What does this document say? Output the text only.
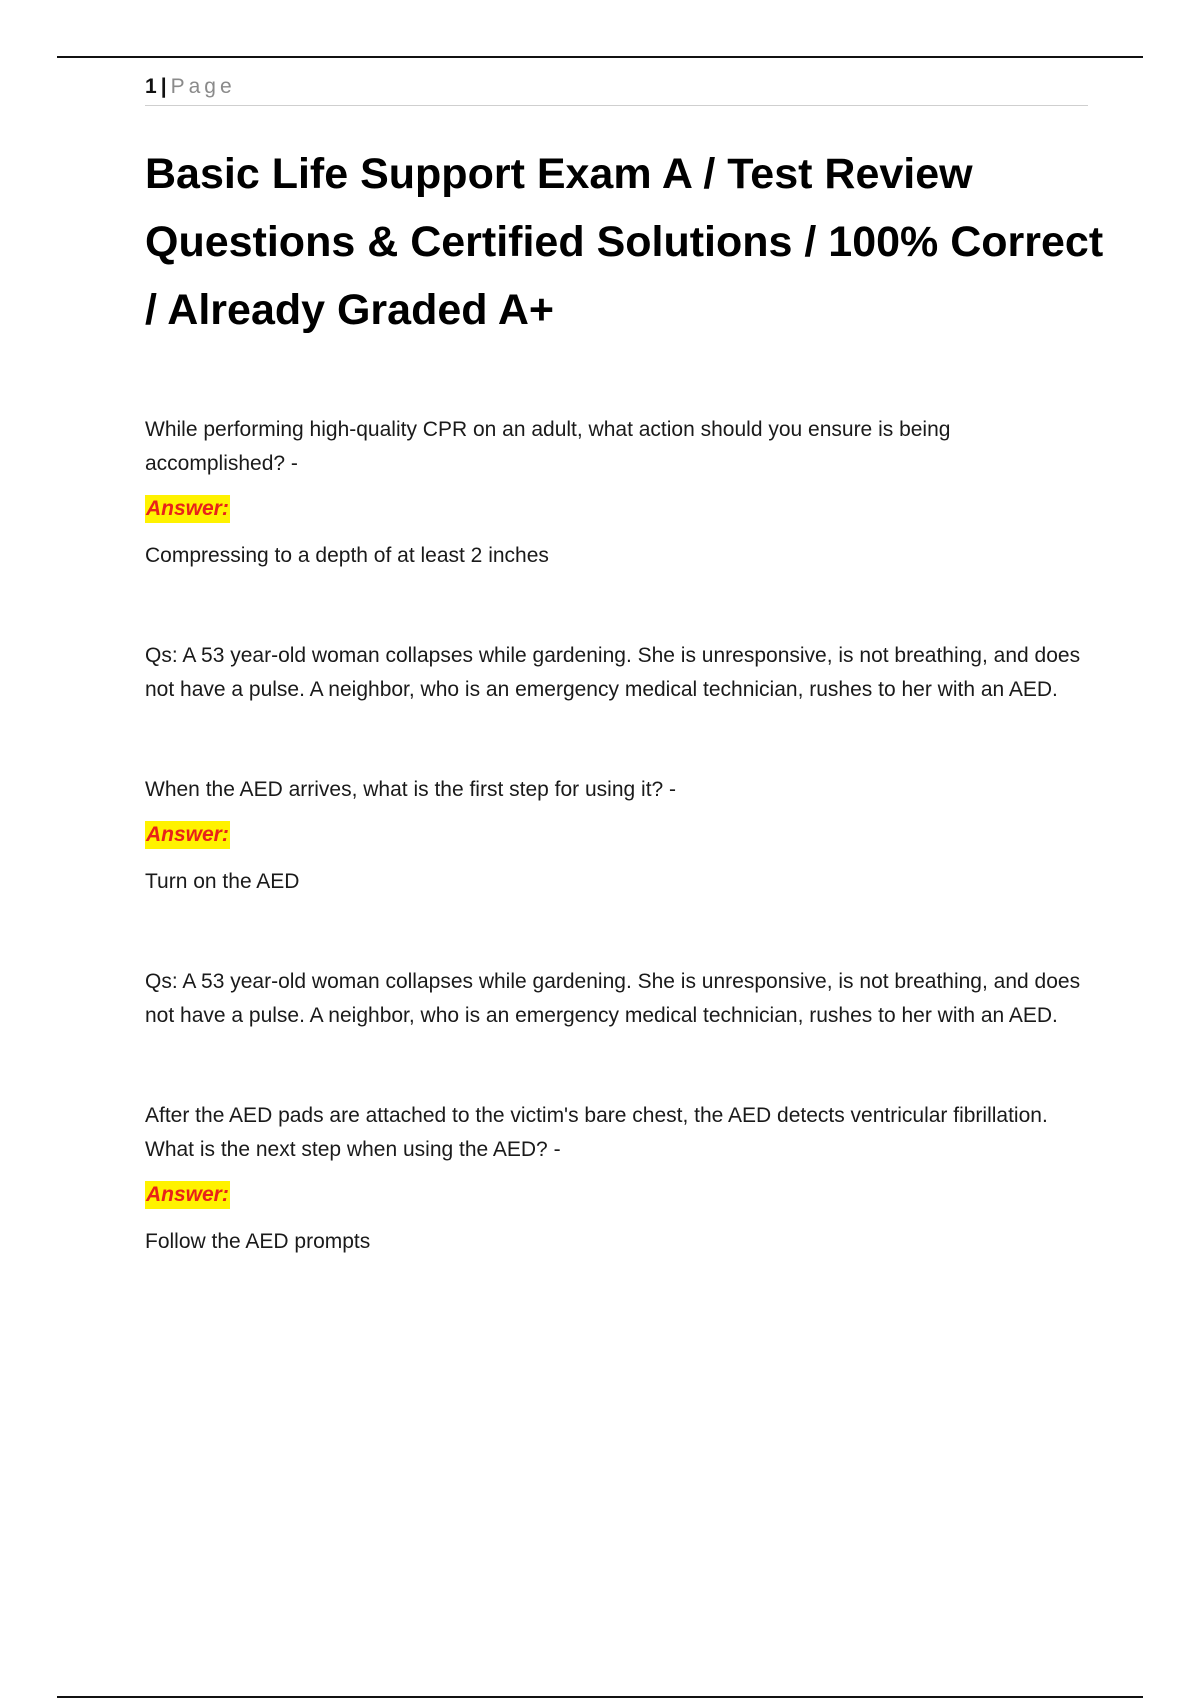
1 | Page
Basic Life Support Exam A / Test Review Questions & Certified Solutions / 100% Correct / Already Graded A+

While performing high-quality CPR on an adult, what action should you ensure is being accomplished? -

Answer:

Compressing to a depth of at least 2 inches

Qs: A 53 year-old woman collapses while gardening. She is unresponsive, is not breathing, and does not have a pulse. A neighbor, who is an emergency medical technician, rushes to her with an AED.

When the AED arrives, what is the first step for using it? -

Answer:

Turn on the AED

Qs: A 53 year-old woman collapses while gardening. She is unresponsive, is not breathing, and does not have a pulse. A neighbor, who is an emergency medical technician, rushes to her with an AED.

After the AED pads are attached to the victim's bare chest, the AED detects ventricular fibrillation. What is the next step when using the AED? -

Answer:

Follow the AED prompts
